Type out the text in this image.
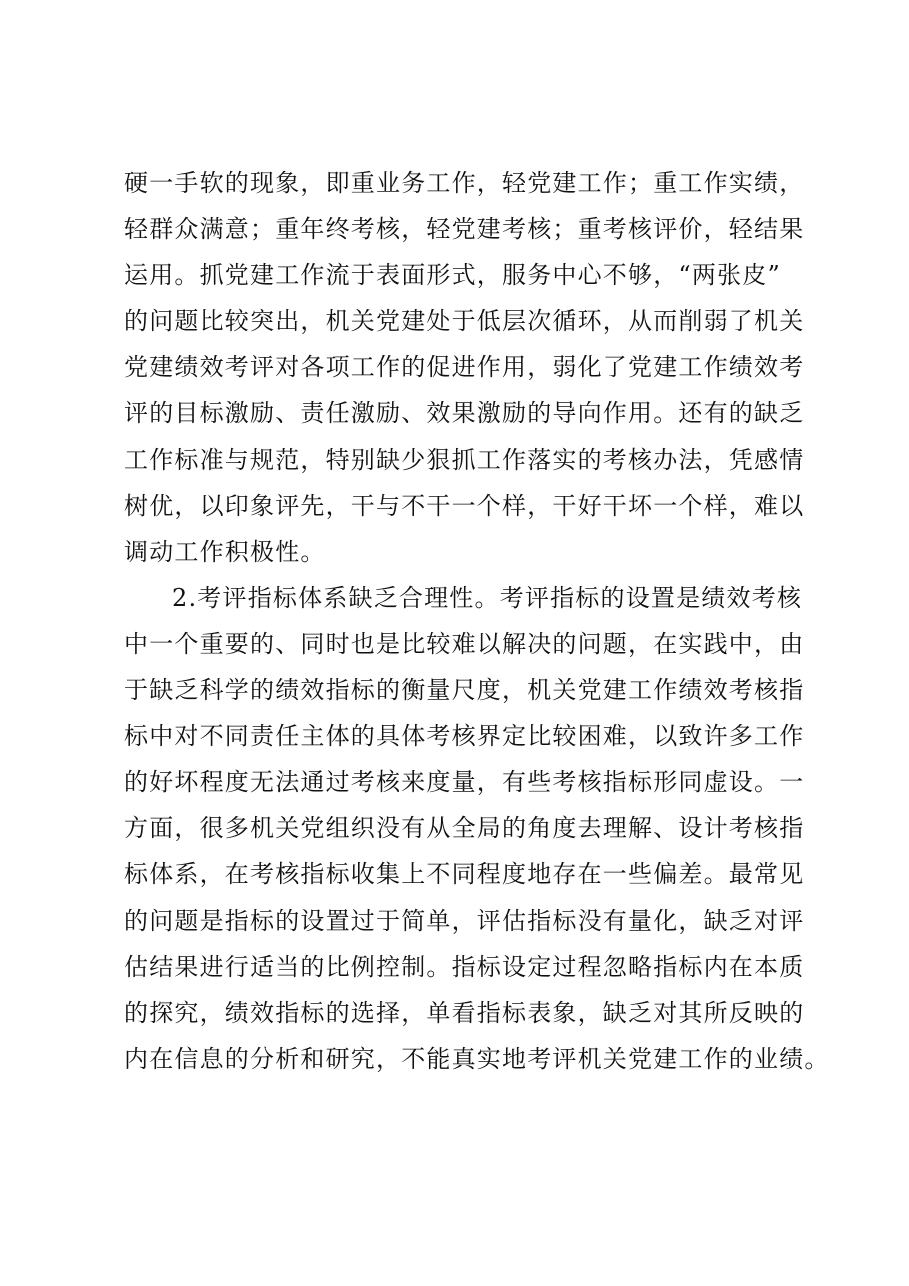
硬一手软的现象，即重业务工作，轻党建工作；重工作实绩，
轻群众满意；重年终考核，轻党建考核；重考核评价，轻结果
运用。抓党建工作流于表面形式，服务中心不够，“两张皮”
的问题比较突出，机关党建处于低层次循环，从而削弱了机关
党建绩效考评对各项工作的促进作用，弱化了党建工作绩效考
评的目标激励、责任激励、效果激励的导向作用。还有的缺乏
工作标准与规范，特别缺少狠抓工作落实的考核办法，凭感情
树优，以印象评先，干与不干一个样，干好干坏一个样，难以
调动工作积极性。
2.考评指标体系缺乏合理性。考评指标的设置是绩效考核
中一个重要的、同时也是比较难以解决的问题，在实践中，由
于缺乏科学的绩效指标的衡量尺度，机关党建工作绩效考核指
标中对不同责任主体的具体考核界定比较困难，以致许多工作
的好坏程度无法通过考核来度量，有些考核指标形同虚设。一
方面，很多机关党组织没有从全局的角度去理解、设计考核指
标体系，在考核指标收集上不同程度地存在一些偏差。最常见
的问题是指标的设置过于简单，评估指标没有量化，缺乏对评
估结果进行适当的比例控制。指标设定过程忽略指标内在本质
的探究，绩效指标的选择，单看指标表象，缺乏对其所反映的
内在信息的分析和研究，不能真实地考评机关党建工作的业绩。
